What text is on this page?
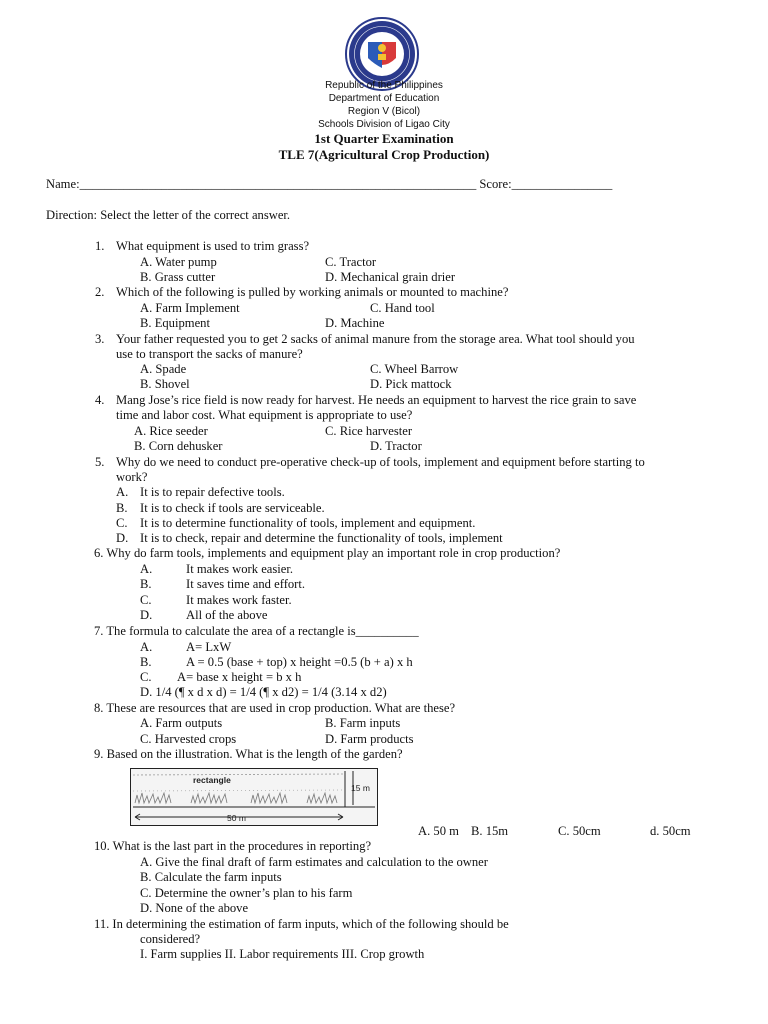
Republic of the Philippines
Department of Education
Region V (Bicol)
Schools Division of Ligao City
1st Quarter Examination
TLE 7(Agricultural Crop Production)
Name:_______________________________________________________________ Score:________________
Direction: Select the letter of the correct answer.
1. What equipment is used to trim grass?
A. Water pump	C. Tractor
B. Grass cutter	D. Mechanical grain drier
2. Which of the following is pulled by working animals or mounted to machine?
A. Farm Implement	C. Hand tool
B. Equipment	D. Machine
3. Your father requested you to get 2 sacks of animal manure from the storage area. What tool should you
use to transport the sacks of manure?
A. Spade	C. Wheel Barrow
B. Shovel	D. Pick mattock
4. Mang Jose’s rice field is now ready for harvest. He needs an equipment to harvest the rice grain to save
time and labor cost. What equipment is appropriate to use?
A. Rice seeder	C. Rice harvester
B. Corn dehusker	D. Tractor
5. Why do we need to conduct pre-operative check-up of tools, implement and equipment before starting to
work?
A. It is to repair defective tools.
B. It is to check if tools are serviceable.
C. It is to determine functionality of tools, implement and equipment.
D. It is to check, repair and determine the functionality of tools, implement
6. Why do farm tools, implements and equipment play an important role in crop production?
A.	It makes work easier.
B.	It saves time and effort.
C.	It makes work faster.
D.	All of the above
7. The formula to calculate the area of a rectangle is__________
A.	A= LxW
B.	A = 0.5 (base + top) x height =0.5 (b + a) x h
C. A= base x height = b x h
D. 1/4 (¶ x d x d) = 1/4 (¶ x d2) = 1/4 (3.14 x d2)
8. These are resources that are used in crop production. What are these?
A. Farm outputs	B. Farm inputs
C. Harvested crops	D. Farm products
9. Based on the illustration. What is the length of the garden?
rectangle
50 m
15 m
A. 50 m B. 15m	C. 50cm	d. 50cm
10. What is the last part in the procedures in reporting?
A. Give the final draft of farm estimates and calculation to the owner
B. Calculate the farm inputs
C. Determine the owner’s plan to his farm
D. None of the above
11. In determining the estimation of farm inputs, which of the following should be
considered?
I. Farm supplies II. Labor requirements III. Crop growth
